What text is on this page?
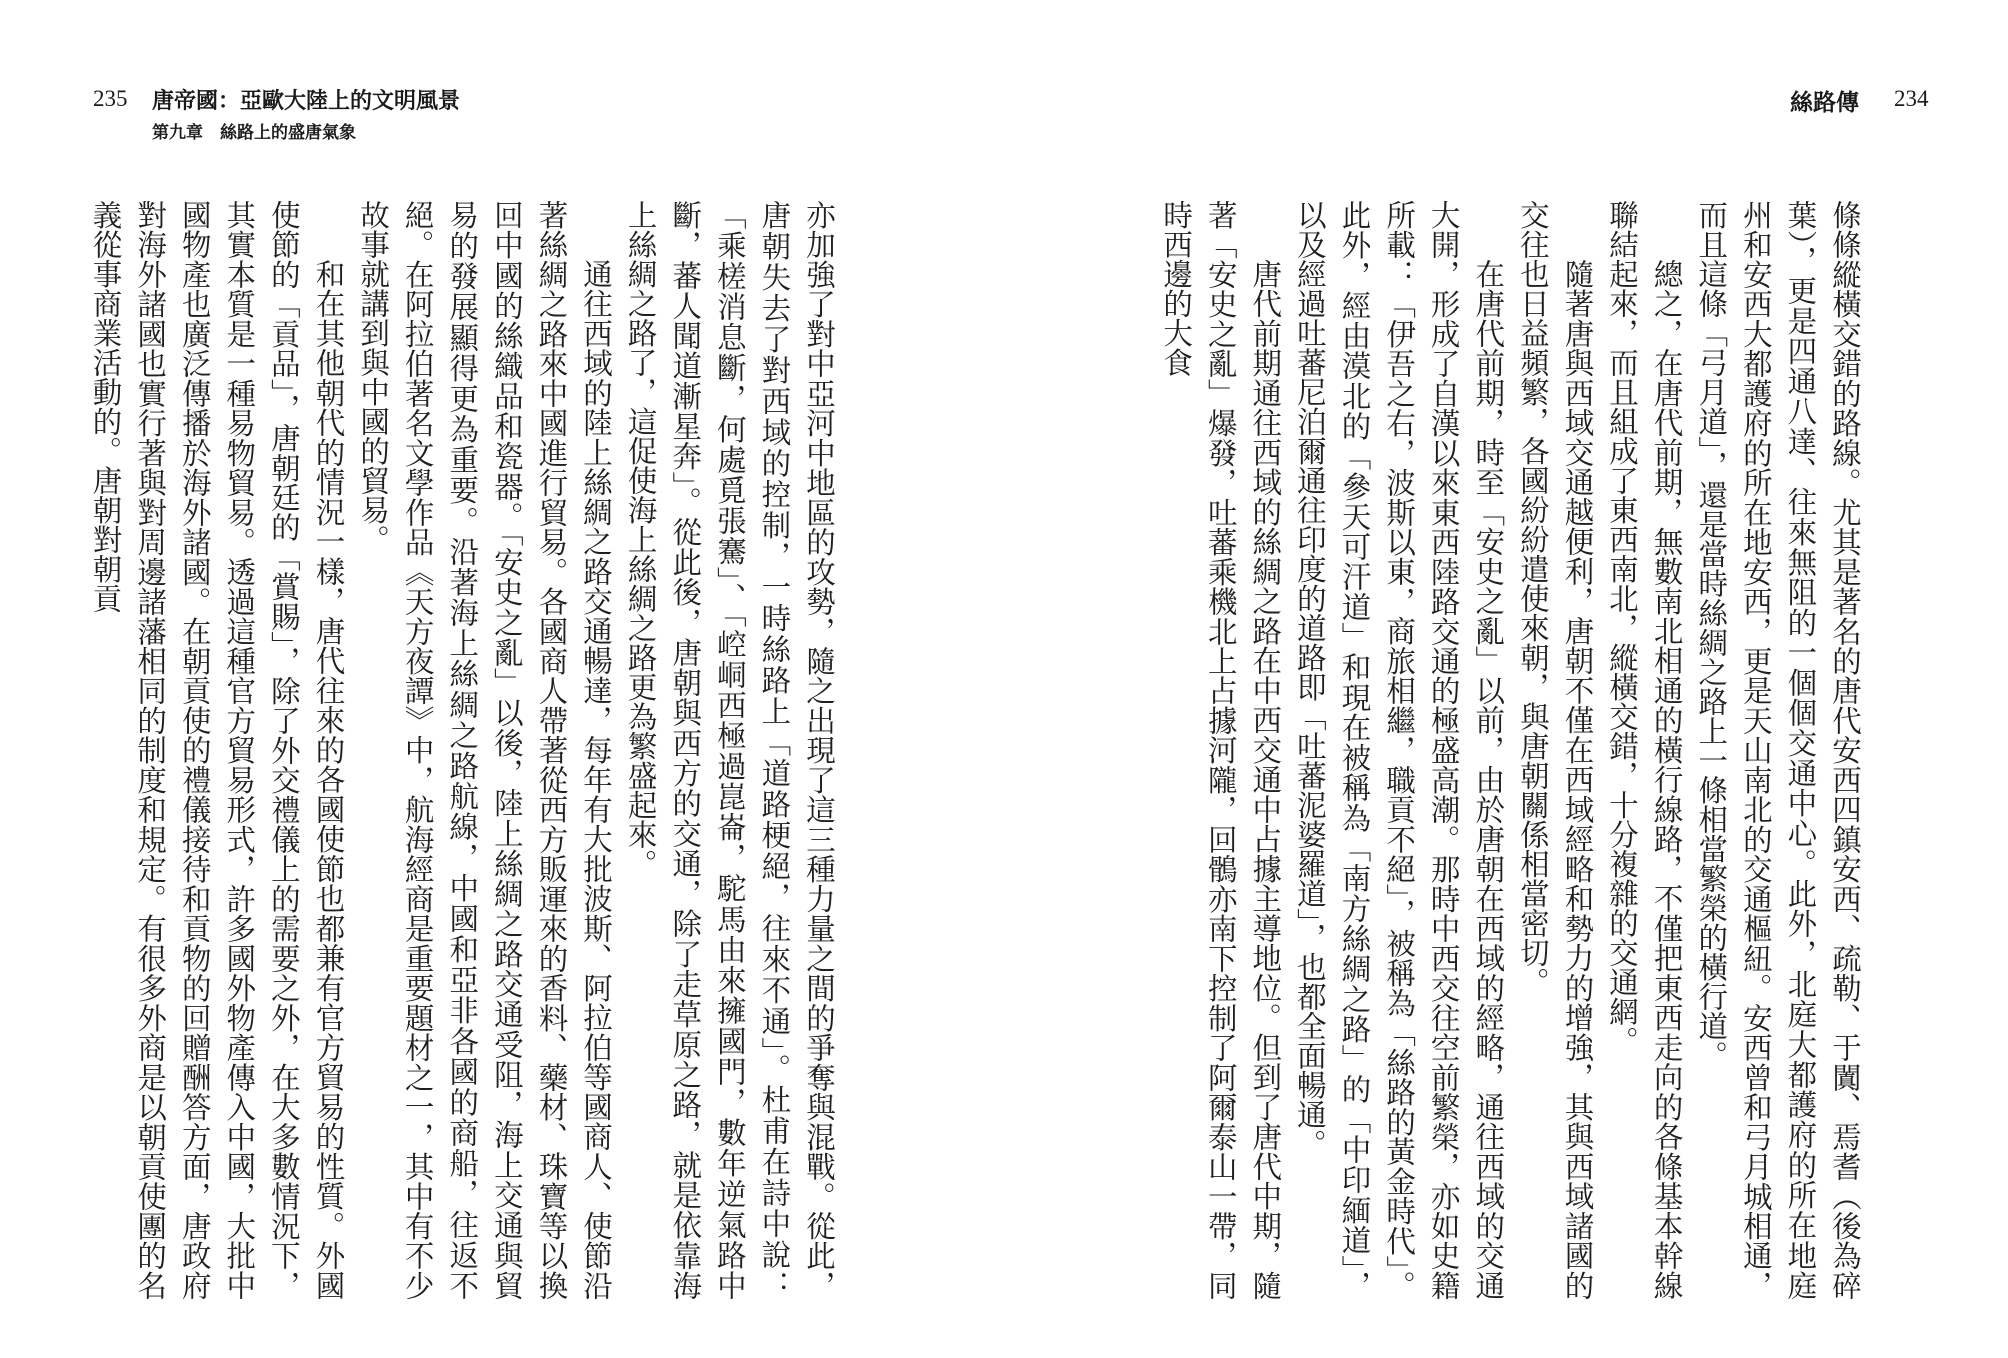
235 唐帝國：亞歐大陸上的文明風景
第九章　絲路上的盛唐氣象
絲路傳 234

條條縱橫交錯的路線。尤其是著名的唐代安西四鎮安西、疏勒、于闐、焉耆（後為碎葉），更是四通八達、往來無阻的一個個交通中心。此外，北庭大都護府的所在地庭州和安西大都護府的所在地安西，更是天山南北的交通樞紐。安西曾和弓月城相通，而且這條「弓月道」，還是當時絲綢之路上一條相當繁榮的橫行道。

總之，在唐代前期，無數南北相通的橫行線路，不僅把東西走向的各條基本幹線聯結起來，而且組成了東西南北，縱橫交錯，十分複雜的交通網。

隨著唐與西域交通越便利，唐朝不僅在西域經略和勢力的增強，其與西域諸國的交往也日益頻繁，各國紛紛遣使來朝，與唐朝關係相當密切。

在唐代前期，時至「安史之亂」以前，由於唐朝在西域的經略，通往西域的交通大開，形成了自漢以來東西陸路交通的極盛高潮。那時中西交往空前繁榮，亦如史籍所載：「伊吾之右，波斯以東，商旅相繼，職貢不絕」，被稱為「絲路的黃金時代」。此外，經由漠北的「參天可汗道」和現在被稱為「南方絲綢之路」的「中印緬道」，以及經過吐蕃尼泊爾通往印度的道路即「吐蕃泥婆羅道」，也都全面暢通。

唐代前期通往西域的絲綢之路在中西交通中占據主導地位。但到了唐代中期，隨著「安史之亂」爆發，吐蕃乘機北上占據河隴，回鶻亦南下控制了阿爾泰山一帶，同時西邊的大食

亦加強了對中亞河中地區的攻勢，隨之出現了這三種力量之間的爭奪與混戰。從此，唐朝失去了對西域的控制，一時絲路上「道路梗絕，往來不通」。杜甫在詩中說：「乘槎消息斷，何處覓張騫」、「崆峒西極過崑崙，駝馬由來擁國門，數年逆氣路中斷，蕃人聞道漸星奔」。從此後，唐朝與西方的交通，除了走草原之路，就是依靠海上絲綢之路了，這促使海上絲綢之路更為繁盛起來。

通往西域的陸上絲綢之路交通暢達，每年有大批波斯、阿拉伯等國商人、使節沿著絲綢之路來中國進行貿易。各國商人帶著從西方販運來的香料、藥材、珠寶等以換回中國的絲織品和瓷器。「安史之亂」以後，陸上絲綢之路交通受阻，海上交通與貿易的發展顯得更為重要。沿著海上絲綢之路航線，中國和亞非各國的商船，往返不絕。在阿拉伯著名文學作品《天方夜譚》中，航海經商是重要題材之一，其中有不少故事就講到與中國的貿易。

和在其他朝代的情況一樣，唐代往來的各國使節也都兼有官方貿易的性質。外國使節的「貢品」，唐朝廷的「賞賜」，除了外交禮儀上的需要之外，在大多數情況下，其實本質是一種易物貿易。透過這種官方貿易形式，許多國外物產傳入中國，大批中國物產也廣泛傳播於海外諸國。在朝貢使的禮儀接待和貢物的回贈酬答方面，唐政府對海外諸國也實行著與對周邊諸藩相同的制度和規定。有很多外商是以朝貢使團的名義從事商業活動的。唐朝對朝貢
